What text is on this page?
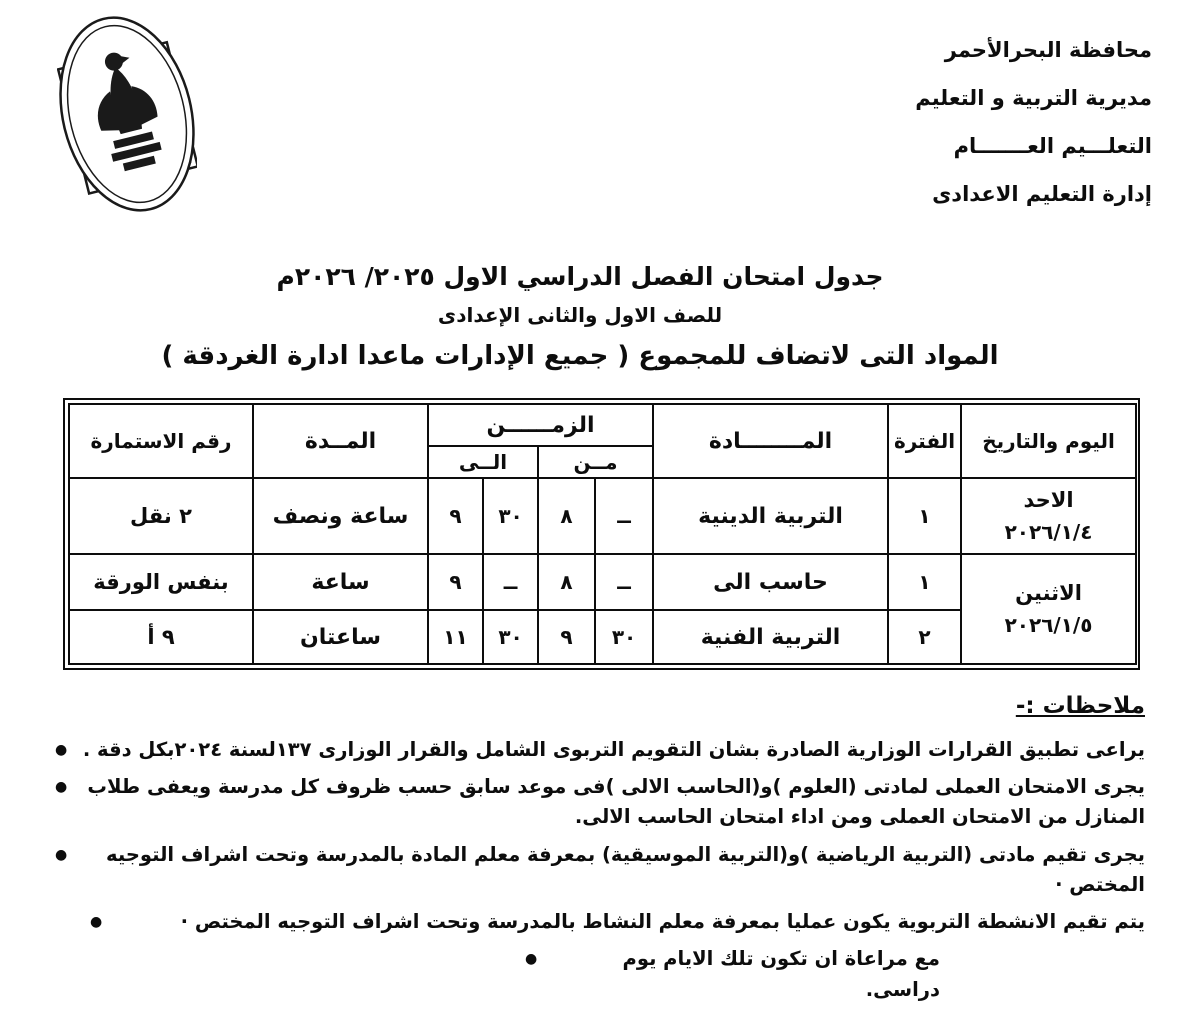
محافظة البحرالأحمر
مديرية التربية و التعليم
التعلـــيم العـــــــام
إدارة التعليم الاعدادى
جدول امتحان الفصل الدراسي الاول ٢٠٢٥/ ٢٠٢٦م
للصف الاول والثانى الإعدادى
المواد التى لاتضاف للمجموع ( جميع الإدارات ماعدا ادارة الغردقة )
اليوم والتاريخ	الفترة	المــــــــادة	الزمــــــن				المــدة	رقم الاستمارة
			مــن		الــى			

الاحد
٢٠٢٦/١/٤	١	التربية الدينية	ــ	٨	٣٠	٩	ساعة ونصف	٢ نقل

الاثنين
٢٠٢٦/١/٥	١	حاسب الى	ــ	٨	ــ	٩	ساعة	بنفس الورقة
	٢	التربية الفنية	٣٠	٩	٣٠	١١	ساعتان	٩ أ
ملاحظات :-
● يراعى تطبيق القرارات الوزارية الصادرة بشان التقويم التربوى الشامل والقرار الوزارى ١٣٧لسنة ٢٠٢٤بكل دقة .
●	يجرى الامتحان العملى لمادتى (العلوم )و(الحاسب الالى )فى موعد سابق حسب ظروف كل مدرسة ويعفى طلاب المنازل من الامتحان العملى ومن اداء امتحان الحاسب الالى.
●	يجرى تقيم مادتى (التربية الرياضية )و(التربية الموسيقية) بمعرفة معلم المادة بالمدرسة وتحت اشراف التوجيه المختص ·
●	يتم تقيم الانشطة التربوية يكون عمليا بمعرفة معلم النشاط بالمدرسة وتحت اشراف التوجيه المختص ·
●	مع مراعاة ان تكون تلك الايام يوم دراسى.
